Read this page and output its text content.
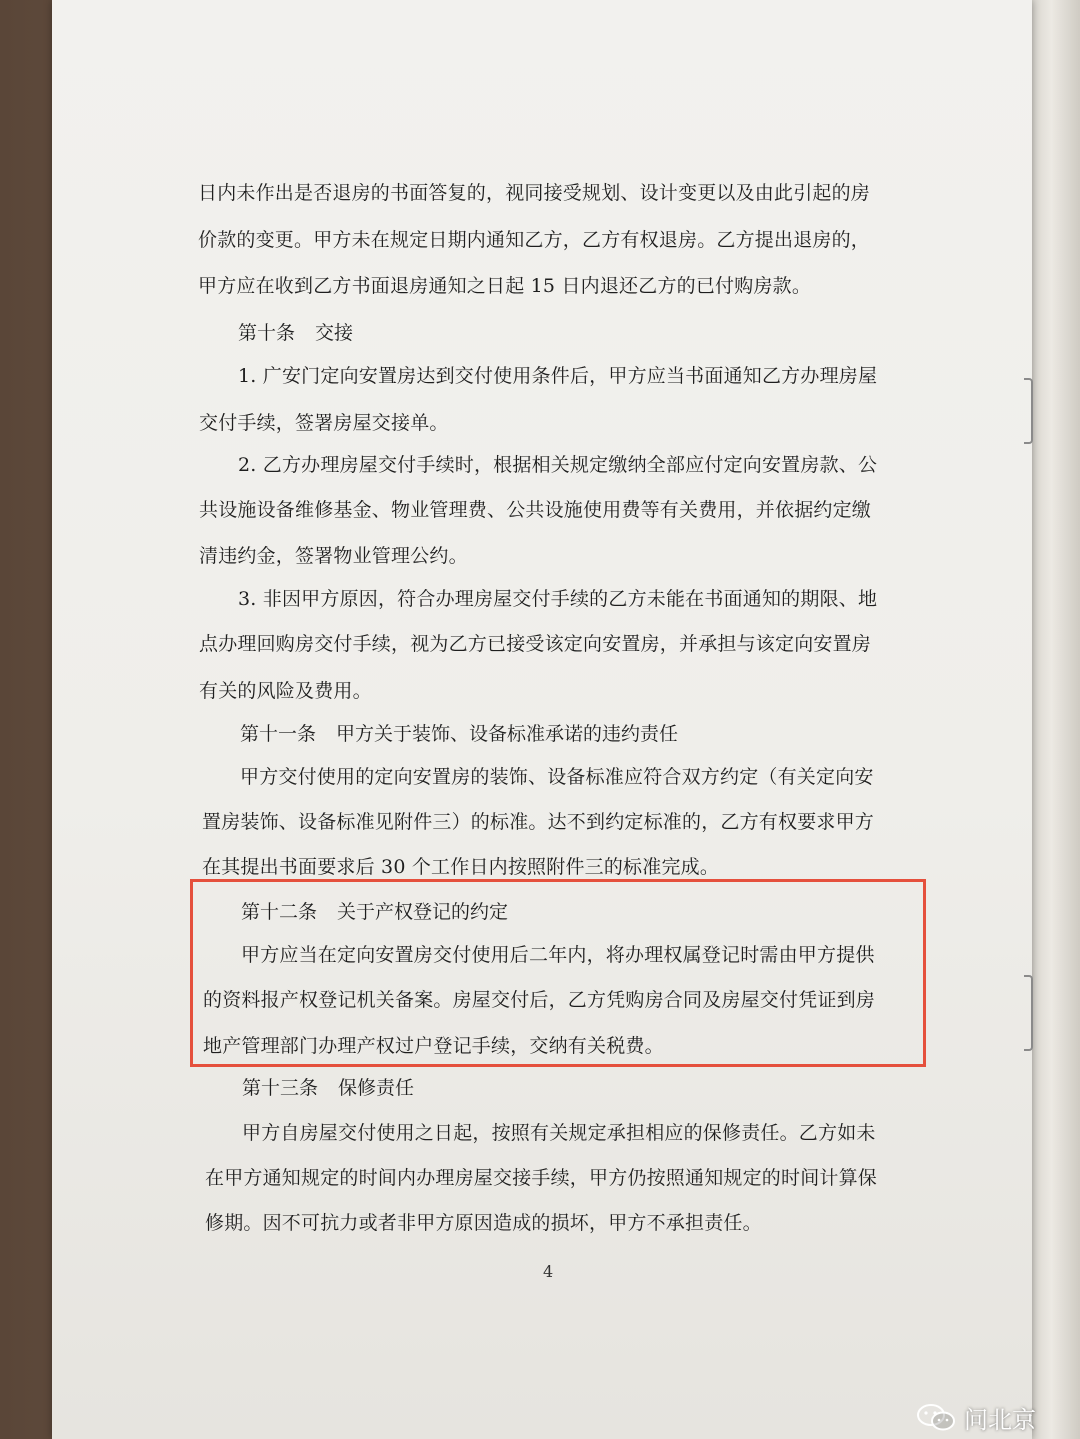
日内未作出是否退房的书面答复的，视同接受规划、设计变更以及由此引起的房
价款的变更。甲方未在规定日期内通知乙方，乙方有权退房。乙方提出退房的，
甲方应在收到乙方书面退房通知之日起 15 日内退还乙方的已付购房款。
第十条 交接
1. 广安门定向安置房达到交付使用条件后，甲方应当书面通知乙方办理房屋
交付手续，签署房屋交接单。
2. 乙方办理房屋交付手续时，根据相关规定缴纳全部应付定向安置房款、公
共设施设备维修基金、物业管理费、公共设施使用费等有关费用，并依据约定缴
清违约金，签署物业管理公约。
3. 非因甲方原因，符合办理房屋交付手续的乙方未能在书面通知的期限、地
点办理回购房交付手续，视为乙方已接受该定向安置房，并承担与该定向安置房
有关的风险及费用。
第十一条 甲方关于装饰、设备标准承诺的违约责任
甲方交付使用的定向安置房的装饰、设备标准应符合双方约定（有关定向安
置房装饰、设备标准见附件三）的标准。达不到约定标准的，乙方有权要求甲方
在其提出书面要求后 30 个工作日内按照附件三的标准完成。
第十二条 关于产权登记的约定
甲方应当在定向安置房交付使用后二年内，将办理权属登记时需由甲方提供
的资料报产权登记机关备案。房屋交付后，乙方凭购房合同及房屋交付凭证到房
地产管理部门办理产权过户登记手续，交纳有关税费。
第十三条 保修责任
甲方自房屋交付使用之日起，按照有关规定承担相应的保修责任。乙方如未
在甲方通知规定的时间内办理房屋交接手续，甲方仍按照通知规定的时间计算保
修期。因不可抗力或者非甲方原因造成的损坏，甲方不承担责任。
4
问北京
